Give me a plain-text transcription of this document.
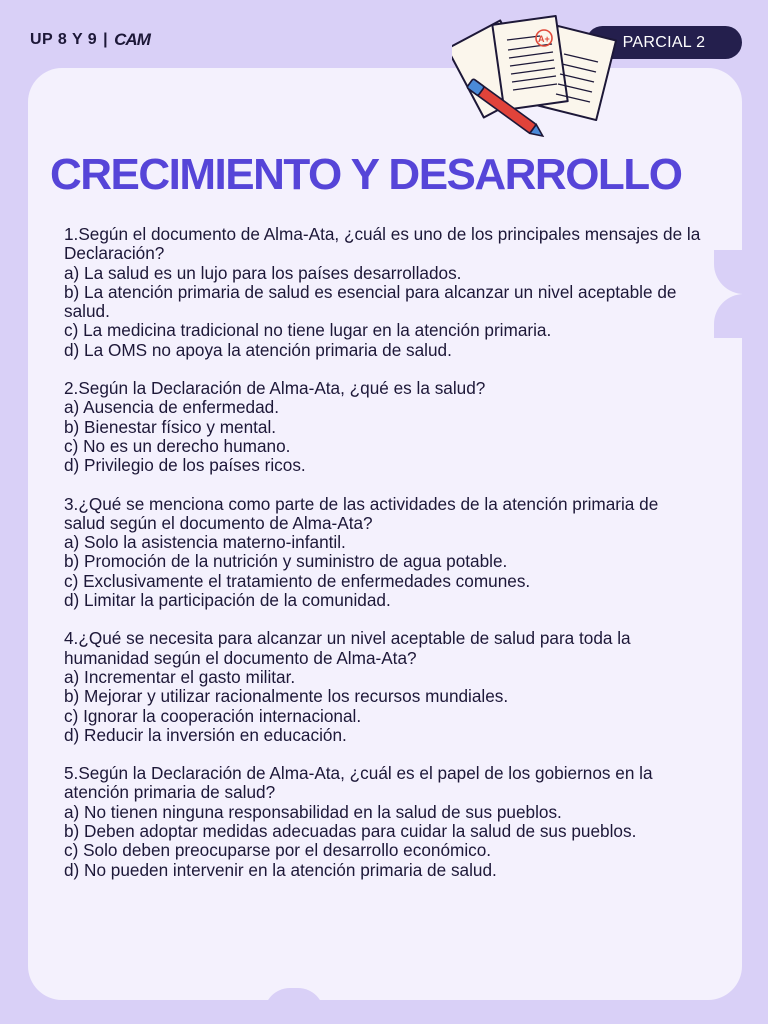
UP 8 Y 9 | CAM	PARCIAL 2
A+
CRECIMIENTO Y DESARROLLO

1.Según el documento de Alma-Ata, ¿cuál es uno de los principales mensajes de la Declaración?

a) La salud es un lujo para los países desarrollados.

b) La atención primaria de salud es esencial para alcanzar un nivel aceptable de salud.

c) La medicina tradicional no tiene lugar en la atención primaria.

d) La OMS no apoya la atención primaria de salud.

2.Según la Declaración de Alma-Ata, ¿qué es la salud?

a) Ausencia de enfermedad.

b) Bienestar físico y mental.

c) No es un derecho humano.

d) Privilegio de los países ricos.

3.¿Qué se menciona como parte de las actividades de la atención primaria de salud según el documento de Alma-Ata?

a) Solo la asistencia materno-infantil.

b) Promoción de la nutrición y suministro de agua potable.

c) Exclusivamente el tratamiento de enfermedades comunes.

d) Limitar la participación de la comunidad.

4.¿Qué se necesita para alcanzar un nivel aceptable de salud para toda la humanidad según el documento de Alma-Ata?

a) Incrementar el gasto militar.

b) Mejorar y utilizar racionalmente los recursos mundiales.

c) Ignorar la cooperación internacional.

d) Reducir la inversión en educación.

5.Según la Declaración de Alma-Ata, ¿cuál es el papel de los gobiernos en la atención primaria de salud?

a) No tienen ninguna responsabilidad en la salud de sus pueblos.

b) Deben adoptar medidas adecuadas para cuidar la salud de sus pueblos.

c) Solo deben preocuparse por el desarrollo económico.

d) No pueden intervenir en la atención primaria de salud.
